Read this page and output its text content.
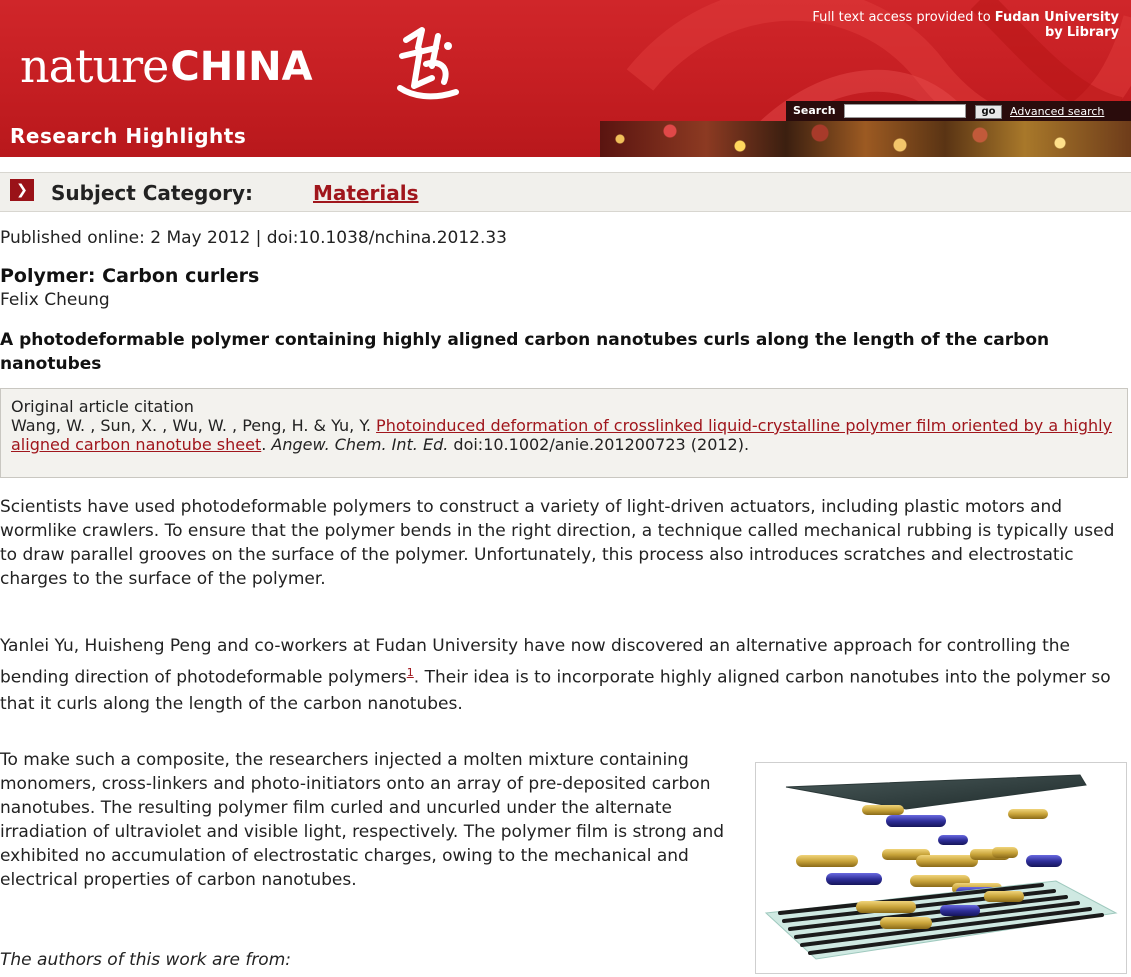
natureCHINA
Full text access provided to Fudan University
by Library
Search	go	Advanced search
Research Highlights
❯	Subject Category:	Materials
Published online: 2 May 2012 | doi:10.1038/nchina.2012.33
Polymer: Carbon curlers
Felix Cheung
A photodeformable polymer containing highly aligned carbon nanotubes curls along the length of the carbon nanotubes
Original article citation
Wang, W. , Sun, X. , Wu, W. , Peng, H. & Yu, Y. Photoinduced deformation of crosslinked liquid-crystalline polymer film oriented by a highly aligned carbon nanotube sheet. Angew. Chem. Int. Ed. doi:10.1002/anie.201200723 (2012).
Scientists have used photodeformable polymers to construct a variety of light-driven actuators, including plastic motors and wormlike crawlers. To ensure that the polymer bends in the right direction, a technique called mechanical rubbing is typically used to draw parallel grooves on the surface of the polymer. Unfortunately, this process also introduces scratches and electrostatic charges to the surface of the polymer.
Yanlei Yu, Huisheng Peng and co-workers at Fudan University have now discovered an alternative approach for controlling the bending direction of photodeformable polymers$^1$. Their idea is to incorporate highly aligned carbon nanotubes into the polymer so that it curls along the length of the carbon nanotubes.
To make such a composite, the researchers injected a molten mixture containing monomers, cross-linkers and photo-initiators onto an array of pre-deposited carbon nanotubes. The resulting polymer film curled and uncurled under the alternate irradiation of ultraviolet and visible light, respectively. The polymer film is strong and exhibited no accumulation of electrostatic charges, owing to the mechanical and electrical properties of carbon nanotubes.
The authors of this work are from:
